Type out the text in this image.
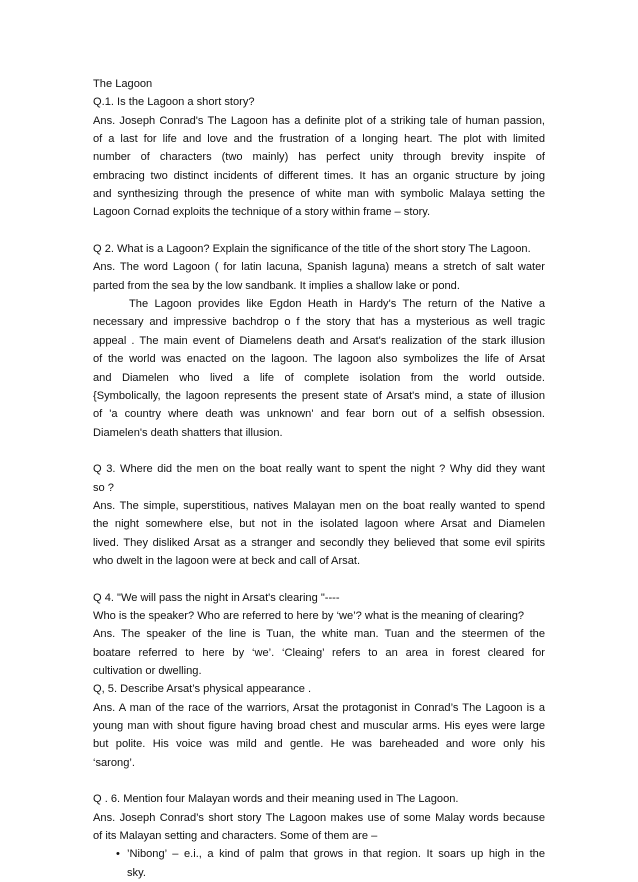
The Lagoon
Q.1. Is the Lagoon a short story?
Ans. Joseph Conrad's The Lagoon has a definite plot of a striking tale of human passion,
of a last for life and love and the frustration of a longing heart. The plot with limited
number of characters (two mainly) has perfect unity through brevity inspite of
embracing two distinct incidents of different times. It has an organic structure by joing
and synthesizing through the presence of white man with symbolic Malaya setting the
Lagoon Cornad exploits the technique of a story within frame – story.
Q 2. What is a Lagoon? Explain the significance of the title of the short story The Lagoon.
Ans. The word Lagoon ( for latin lacuna, Spanish laguna) means a stretch of salt water
parted from the sea by the low sandbank. It implies a shallow lake or pond.
The Lagoon provides like Egdon Heath in Hardy's The return of the Native a
necessary and impressive bachdrop o f the story that has a mysterious as well tragic
appeal . The main event of Diamelens death and Arsat's realization of the stark illusion
of the world was enacted on the lagoon. The lagoon also symbolizes the life of Arsat
and Diamelen who lived a life of complete isolation from the world outside.
{Symbolically, the lagoon represents the present state of Arsat's mind, a state of illusion
of 'a country where death was unknown' and fear born out of a selfish obsession.
Diamelen's death shatters that illusion.
Q 3. Where did the men on the boat really want to spent the night ? Why did they want
so ?
Ans. The simple, superstitious, natives Malayan men on the boat really wanted to spend
the night somewhere else, but not in the isolated lagoon where Arsat and Diamelen
lived. They disliked Arsat as a stranger and secondly they believed that some evil spirits
who dwelt in the lagoon were at beck and call of Arsat.
Q 4. "We will pass the night in Arsat's clearing "----
Who is the speaker? Who are referred to here by ‘we’? what is the meaning of clearing?
Ans. The speaker of the line is Tuan, the white man. Tuan and the steermen of the
boatare referred to here by ‘we’. ‘Cleaing’ refers to an area in forest cleared for
cultivation or dwelling.
Q, 5. Describe Arsat’s physical appearance .
Ans. A man of the race of the warriors, Arsat the protagonist in Conrad’s The Lagoon is a
young man with shout figure having broad chest and muscular arms. His eyes were large
but polite. His voice was mild and gentle. He was bareheaded and wore only his
‘sarong’.
Q . 6. Mention four Malayan words and their meaning used in The Lagoon.
Ans. Joseph Conrad’s short story The Lagoon makes use of some Malay words because
of its Malayan setting and characters. Some of them are –
• ’Nibong’ – e.i., a kind of palm that grows in that region. It soars up high in the
sky.
